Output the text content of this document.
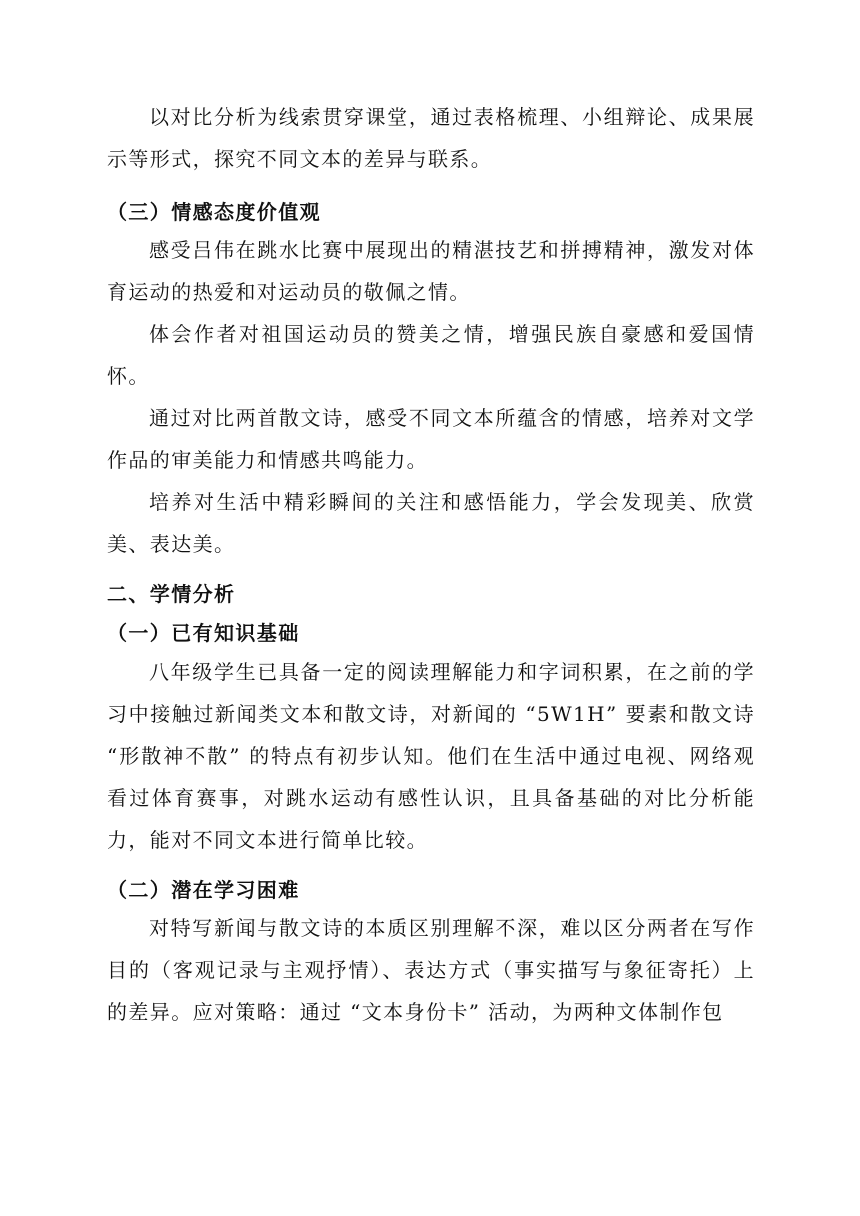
以对比分析为线索贯穿课堂，通过表格梳理、小组辩论、成果展示等形式，探究不同文本的差异与联系。

（三）情感态度价值观

感受吕伟在跳水比赛中展现出的精湛技艺和拼搏精神，激发对体育运动的热爱和对运动员的敬佩之情。

体会作者对祖国运动员的赞美之情，增强民族自豪感和爱国情怀。

通过对比两首散文诗，感受不同文本所蕴含的情感，培养对文学作品的审美能力和情感共鸣能力。

培养对生活中精彩瞬间的关注和感悟能力，学会发现美、欣赏美、表达美。

二、学情分析
（一）已有知识基础

八年级学生已具备一定的阅读理解能力和字词积累，在之前的学习中接触过新闻类文本和散文诗，对新闻的 “5W1H” 要素和散文诗 “形散神不散” 的特点有初步认知。他们在生活中通过电视、网络观看过体育赛事，对跳水运动有感性认识，且具备基础的对比分析能力，能对不同文本进行简单比较。

（二）潜在学习困难

对特写新闻与散文诗的本质区别理解不深，难以区分两者在写作目的（客观记录与主观抒情）、表达方式（事实描写与象征寄托）上的差异。应对策略：通过 “文本身份卡” 活动，为两种文体制作包
